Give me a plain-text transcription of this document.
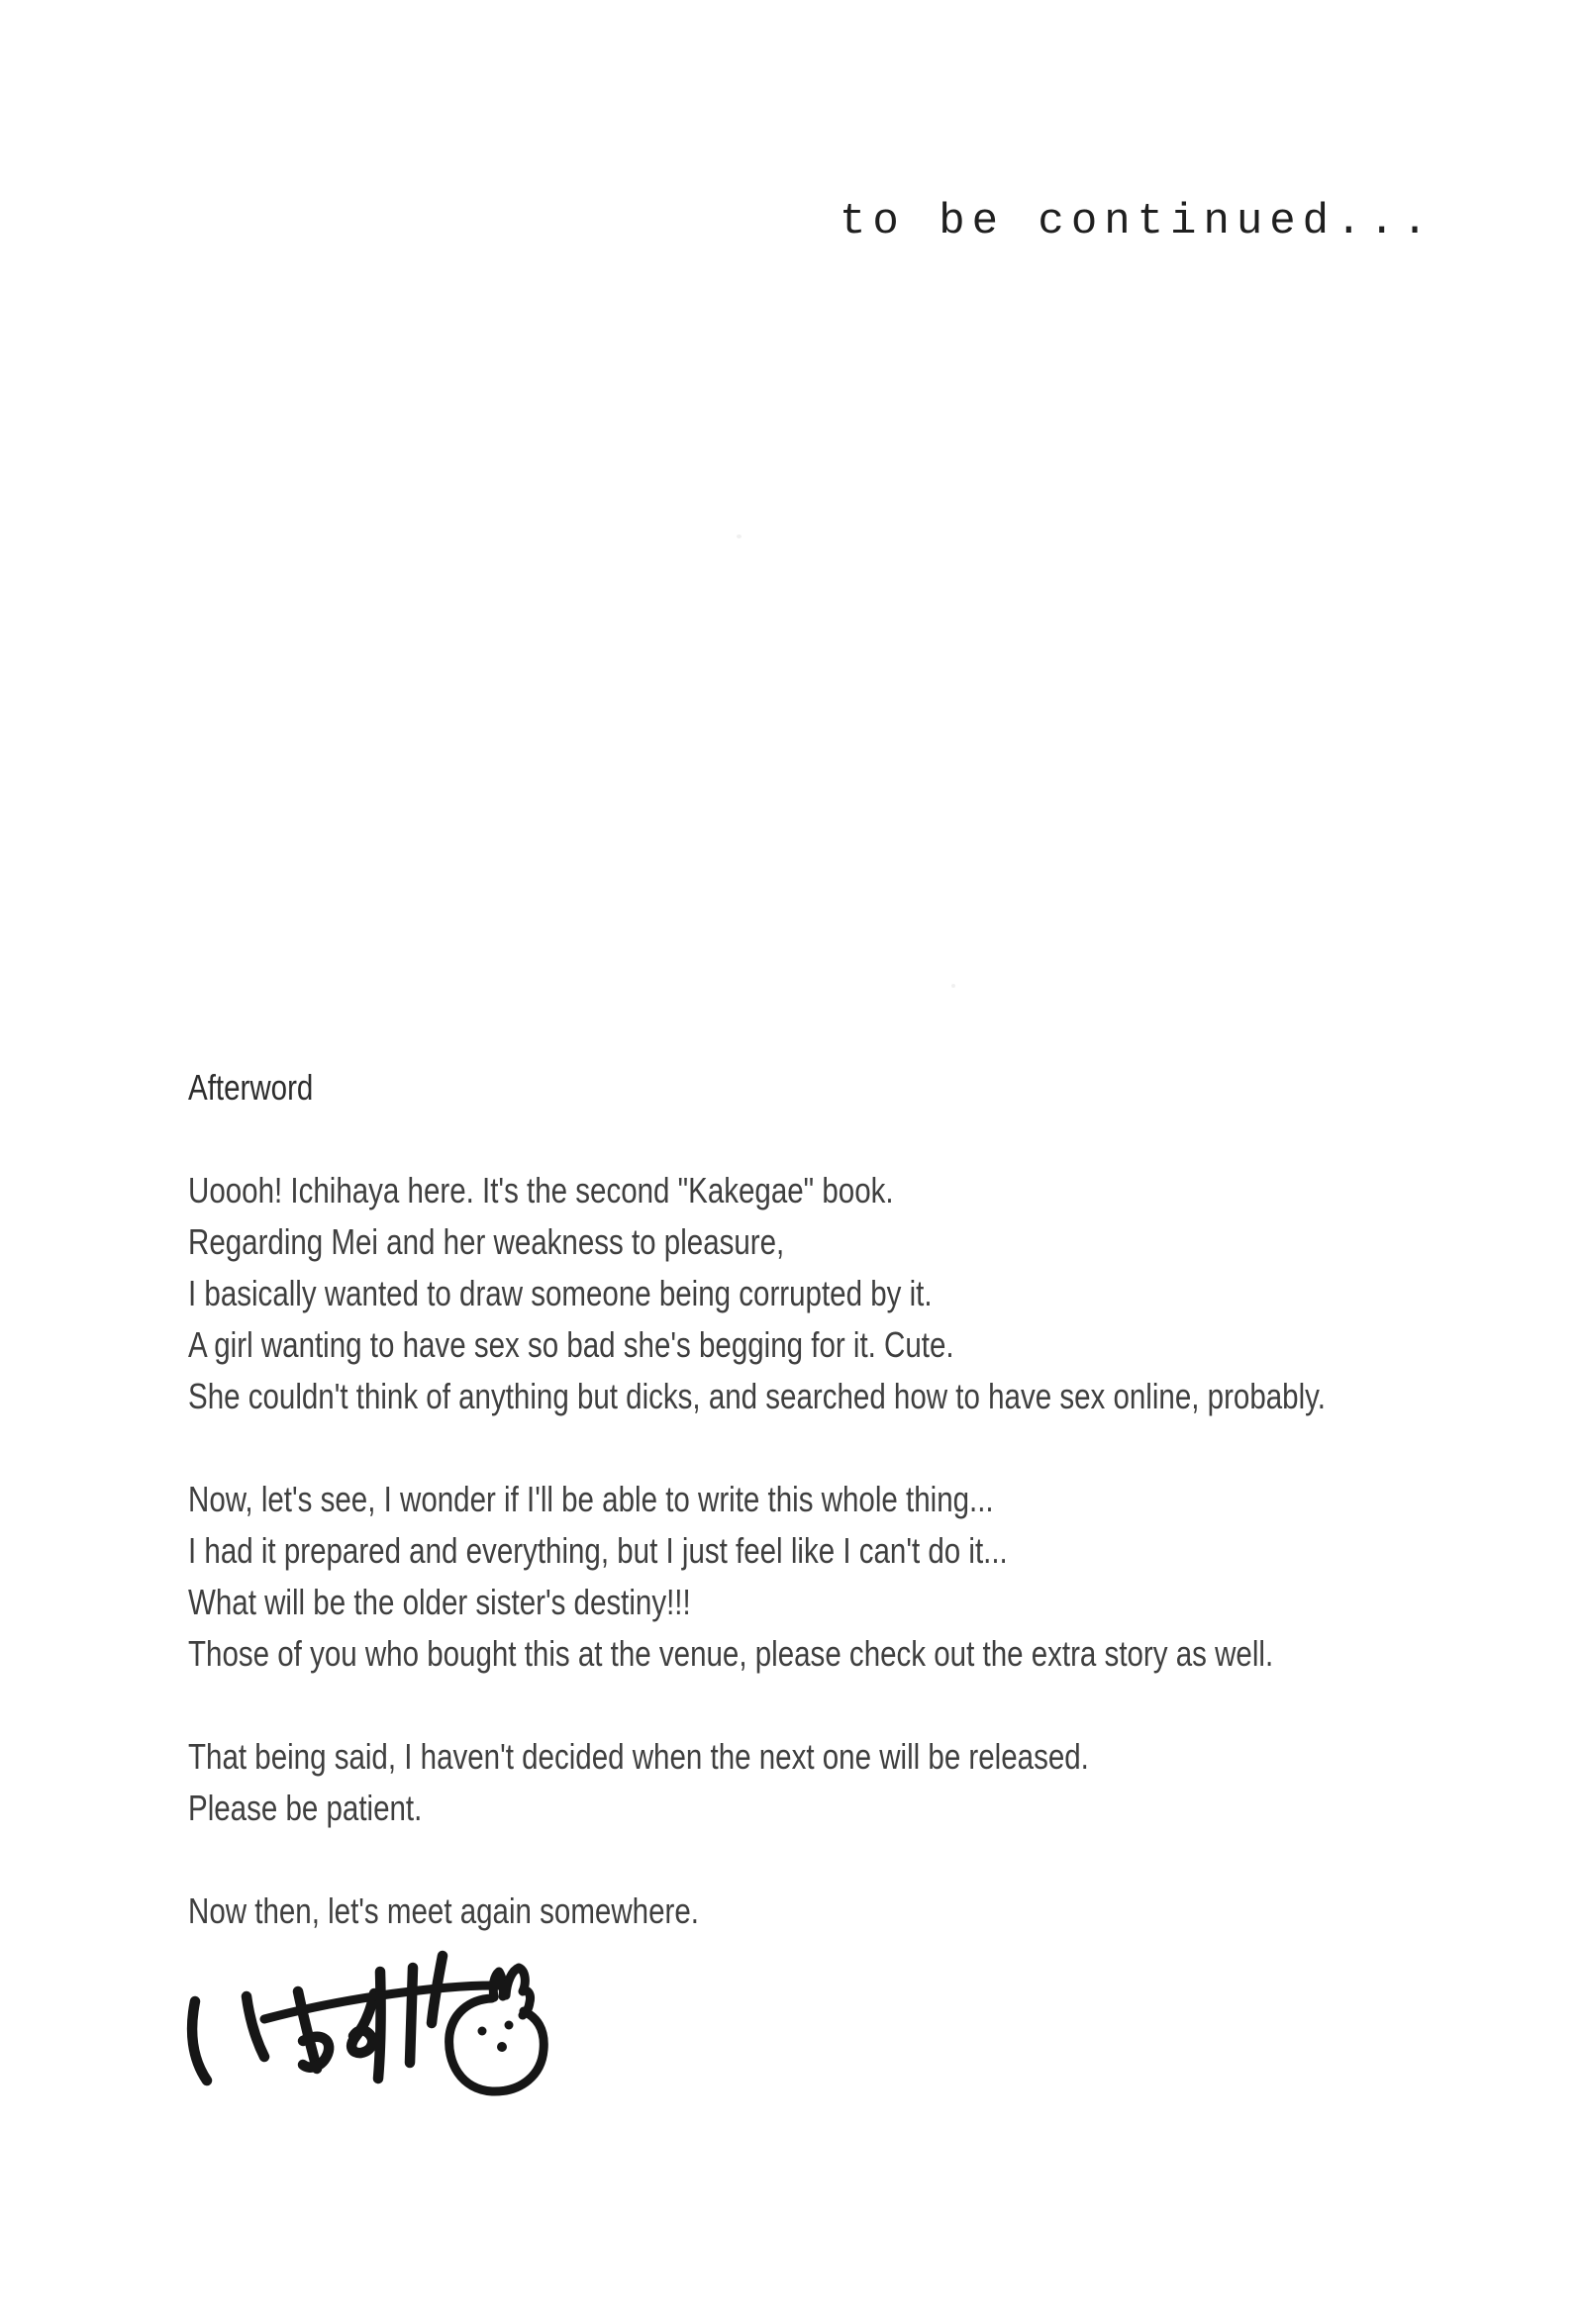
to be continued...
Afterword
Uoooh! Ichihaya here. It's the second "Kakegae" book.
Regarding Mei and her weakness to pleasure,
I basically wanted to draw someone being corrupted by it.
A girl wanting to have sex so bad she's begging for it. Cute.
She couldn't think of anything but dicks, and searched how to have sex online, probably.
Now, let's see, I wonder if I'll be able to write this whole thing...
I had it prepared and everything, but I just feel like I can't do it...
What will be the older sister's destiny!!!
Those of you who bought this at the venue, please check out the extra story as well.
That being said, I haven't decided when the next one will be released.
Please be patient.
Now then, let's meet again somewhere.
